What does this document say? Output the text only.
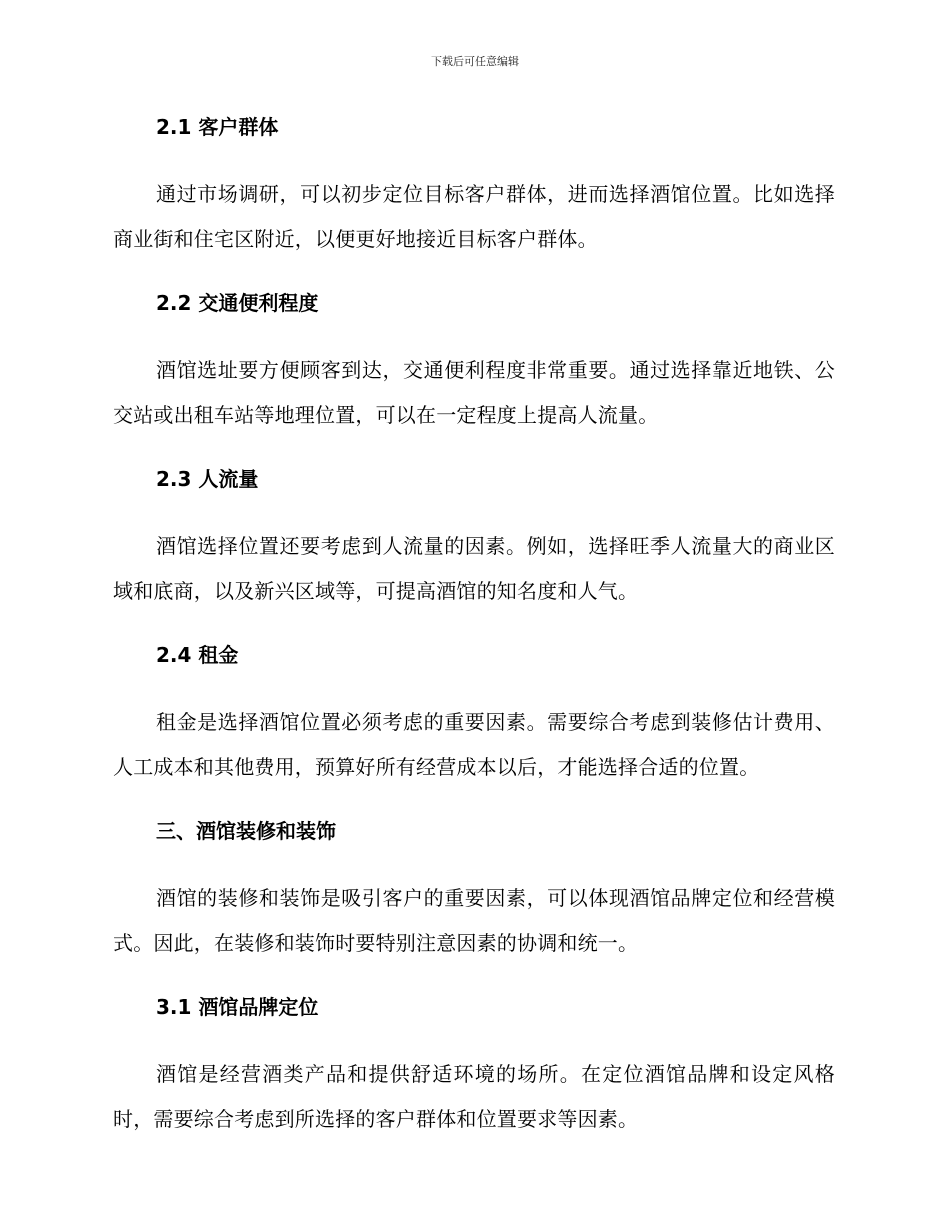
下载后可任意编辑
2.1 客户群体

通过市场调研，可以初步定位目标客户群体，进而选择酒馆位置。比如选择商业街和住宅区附近，以便更好地接近目标客户群体。

2.2 交通便利程度

酒馆选址要方便顾客到达，交通便利程度非常重要。通过选择靠近地铁、公交站或出租车站等地理位置，可以在一定程度上提高人流量。

2.3 人流量

酒馆选择位置还要考虑到人流量的因素。例如，选择旺季人流量大的商业区域和底商，以及新兴区域等，可提高酒馆的知名度和人气。

2.4 租金

租金是选择酒馆位置必须考虑的重要因素。需要综合考虑到装修估计费用、人工成本和其他费用，预算好所有经营成本以后，才能选择合适的位置。

三、酒馆装修和装饰

酒馆的装修和装饰是吸引客户的重要因素，可以体现酒馆品牌定位和经营模式。因此，在装修和装饰时要特别注意因素的协调和统一。

3.1 酒馆品牌定位

酒馆是经营酒类产品和提供舒适环境的场所。在定位酒馆品牌和设定风格时，需要综合考虑到所选择的客户群体和位置要求等因素。
